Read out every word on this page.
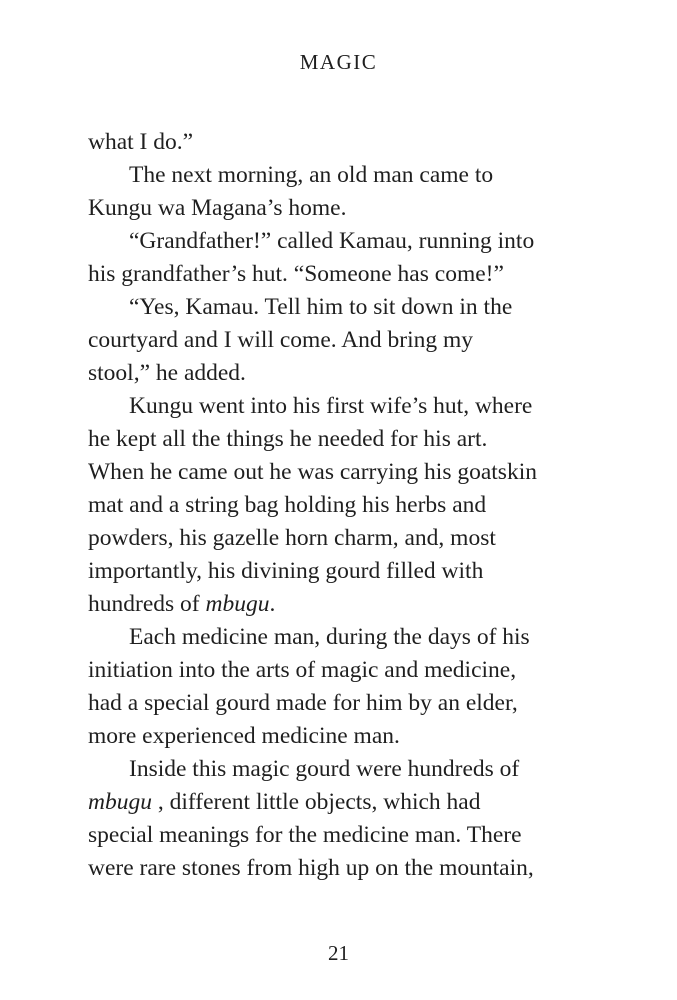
MAGIC
what I do.”
The next morning, an old man came to
Kungu wa Magana’s home.
“Grandfather!” called Kamau, running into
his grandfather’s hut. “Someone has come!”
“Yes, Kamau. Tell him to sit down in the
courtyard and I will come. And bring my
stool,” he added.
Kungu went into his first wife’s hut, where
he kept all the things he needed for his art.
When he came out he was carrying his goatskin
mat and a string bag holding his herbs and
powders, his gazelle horn charm, and, most
importantly, his divining gourd filled with
hundreds of mbugu.
Each medicine man, during the days of his
initiation into the arts of magic and medicine,
had a special gourd made for him by an elder,
more experienced medicine man.
Inside this magic gourd were hundreds of
mbugu , different little objects, which had
special meanings for the medicine man. There
were rare stones from high up on the mountain,
21
